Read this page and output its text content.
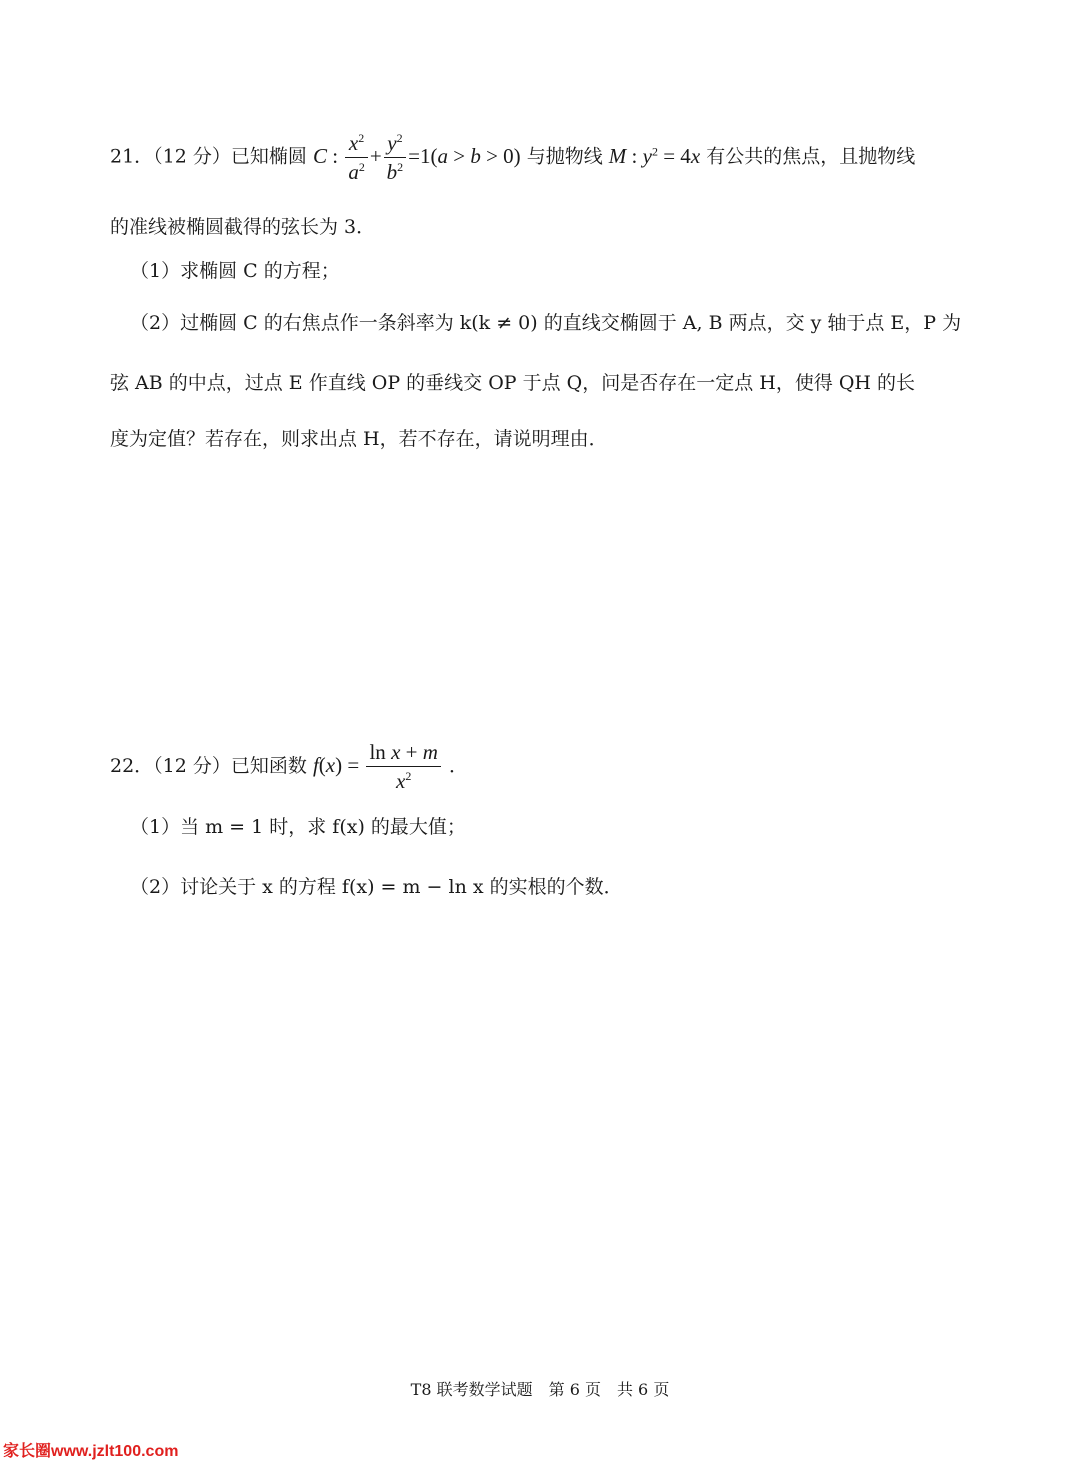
21．（12 分）已知椭圆 C : $\frac{x^2}{a^2} + \frac{y^2}{b^2} =1(a > b > 0)$ 与抛物线 M : $y^2 = 4x$ 有公共的焦点，且抛物线
的准线被椭圆截得的弦长为 3．
（1）求椭圆 C 的方程；
（2）过椭圆 C 的右焦点作一条斜率为 k(k ≠ 0) 的直线交椭圆于 A, B 两点，交 y 轴于点 E，P 为
弦 AB 的中点，过点 E 作直线 OP 的垂线交 OP 于点 Q，问是否存在一定点 H，使得 QH 的长
度为定值？若存在，则求出点 H，若不存在，请说明理由．
22．（12 分）已知函数 $f(x) = \frac{\text{ln x + m}}{x^2}$ ．
（1）当 m = 1 时，求 f(x) 的最大值；
（2）讨论关于 x 的方程 f(x) = m − ln x 的实根的个数．
T8 联考数学试题　第 6 页　共 6 页
家长圈www.jzlt100.com
